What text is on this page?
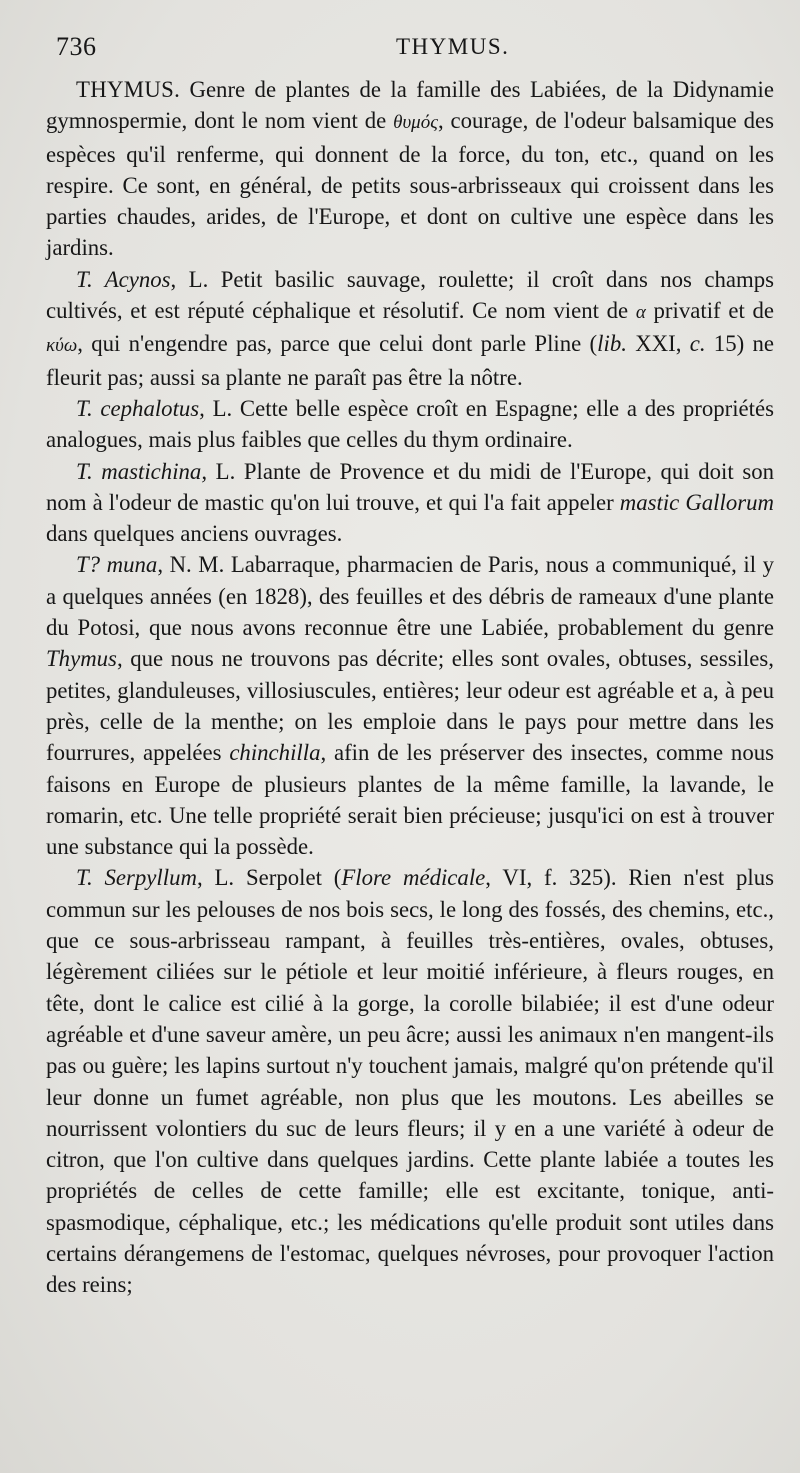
736	THYMUS.

THYMUS. Genre de plantes de la famille des Labiées, de la Didynamie gymnospermie, dont le nom vient de θυμός, courage, de l'odeur balsamique des espèces qu'il renferme, qui donnent de la force, du ton, etc., quand on les respire. Ce sont, en général, de petits sous-arbrisseaux qui croissent dans les parties chaudes, arides, de l'Europe, et dont on cultive une espèce dans les jardins.

T. Acynos, L. Petit basilic sauvage, roulette; il croît dans nos champs cultivés, et est réputé céphalique et résolutif. Ce nom vient de α privatif et de κύω, qui n'engendre pas, parce que celui dont parle Pline (lib. XXI, c. 15) ne fleurit pas; aussi sa plante ne paraît pas être la nôtre.

T. cephalotus, L. Cette belle espèce croît en Espagne; elle a des propriétés analogues, mais plus faibles que celles du thym ordinaire.

T. mastichina, L. Plante de Provence et du midi de l'Europe, qui doit son nom à l'odeur de mastic qu'on lui trouve, et qui l'a fait appeler mastic Gallorum dans quelques anciens ouvrages.

T? muna, N. M. Labarraque, pharmacien de Paris, nous a communiqué, il y a quelques années (en 1828), des feuilles et des débris de rameaux d'une plante du Potosi, que nous avons reconnue être une Labiée, probablement du genre Thymus, que nous ne trouvons pas décrite; elles sont ovales, obtuses, sessiles, petites, glanduleuses, villosiuscules, entières; leur odeur est agréable et a, à peu près, celle de la menthe; on les emploie dans le pays pour mettre dans les fourrures, appelées chinchilla, afin de les préserver des insectes, comme nous faisons en Europe de plusieurs plantes de la même famille, la lavande, le romarin, etc. Une telle propriété serait bien précieuse; jusqu'ici on est à trouver une substance qui la possède.

T. Serpyllum, L. Serpolet (Flore médicale, VI, f. 325). Rien n'est plus commun sur les pelouses de nos bois secs, le long des fossés, des chemins, etc., que ce sous-arbrisseau rampant, à feuilles très-entières, ovales, obtuses, légèrement ciliées sur le pétiole et leur moitié inférieure, à fleurs rouges, en tête, dont le calice est cilié à la gorge, la corolle bilabiée; il est d'une odeur agréable et d'une saveur amère, un peu âcre; aussi les animaux n'en mangent-ils pas ou guère; les lapins surtout n'y touchent jamais, malgré qu'on prétende qu'il leur donne un fumet agréable, non plus que les moutons. Les abeilles se nourrissent volontiers du suc de leurs fleurs; il y en a une variété à odeur de citron, que l'on cultive dans quelques jardins. Cette plante labiée a toutes les propriétés de celles de cette famille; elle est excitante, tonique, anti-spasmodique, céphalique, etc.; les médications qu'elle produit sont utiles dans certains dérangemens de l'estomac, quelques névroses, pour provoquer l'action des reins;
